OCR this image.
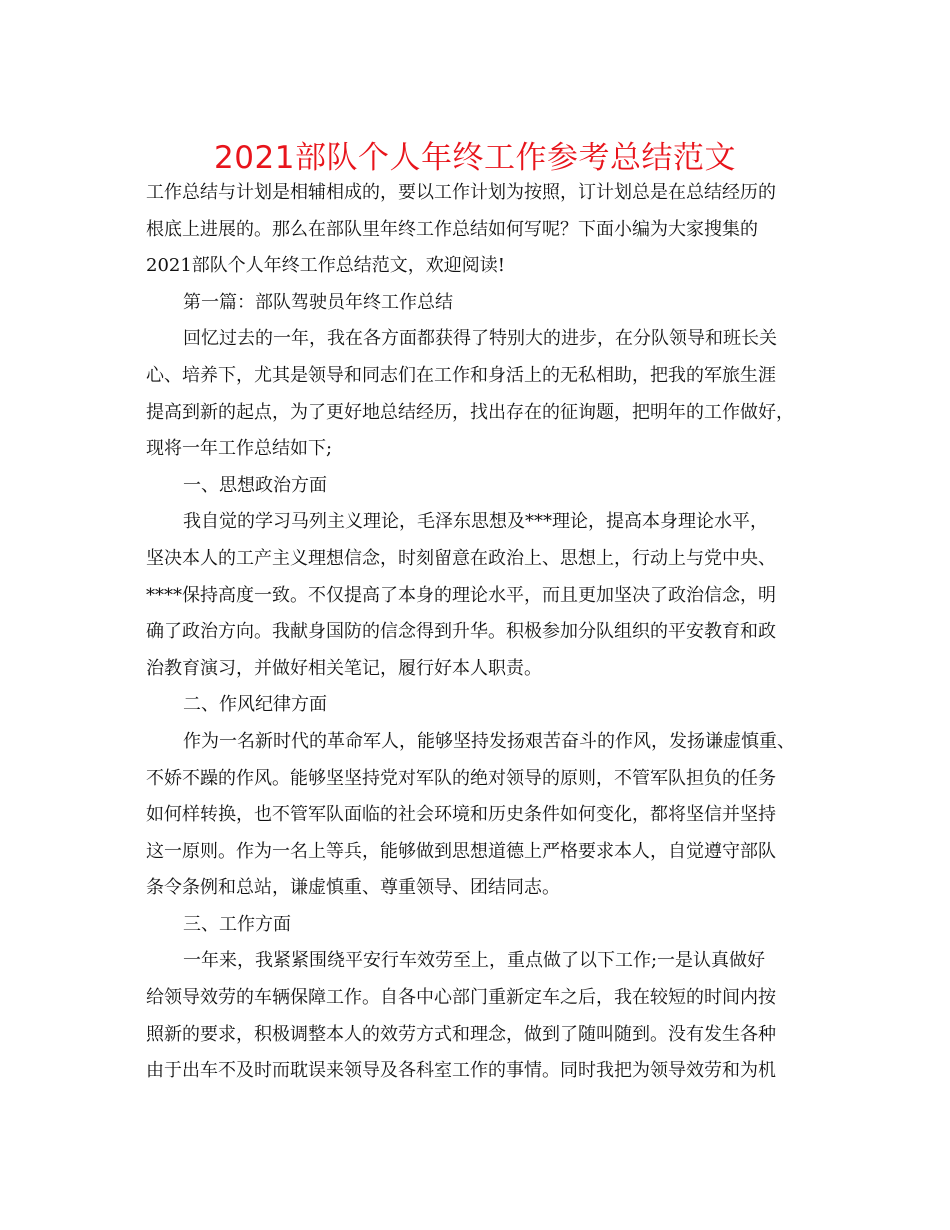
2021部队个人年终工作参考总结范文
工作总结与计划是相辅相成的，要以工作计划为按照，订计划总是在总结经历的
根底上进展的。那么在部队里年终工作总结如何写呢？下面小编为大家搜集的
2021部队个人年终工作总结范文，欢迎阅读!
第一篇：部队驾驶员年终工作总结
回忆过去的一年，我在各方面都获得了特别大的进步，在分队领导和班长关
心、培养下，尤其是领导和同志们在工作和身活上的无私相助，把我的军旅生涯
提高到新的起点，为了更好地总结经历，找出存在的征询题，把明年的工作做好，
现将一年工作总结如下;
一、思想政治方面
我自觉的学习马列主义理论，毛泽东思想及***理论，提高本身理论水平，
坚决本人的工产主义理想信念，时刻留意在政治上、思想上，行动上与党中央、
****保持高度一致。不仅提高了本身的理论水平，而且更加坚决了政治信念，明
确了政治方向。我献身国防的信念得到升华。积极参加分队组织的平安教育和政
治教育演习，并做好相关笔记，履行好本人职责。
二、作风纪律方面
作为一名新时代的革命军人，能够坚持发扬艰苦奋斗的作风，发扬谦虚慎重、
不娇不躁的作风。能够坚坚持党对军队的绝对领导的原则，不管军队担负的任务
如何样转换，也不管军队面临的社会环境和历史条件如何变化，都将坚信并坚持
这一原则。作为一名上等兵，能够做到思想道德上严格要求本人，自觉遵守部队
条令条例和总站，谦虚慎重、尊重领导、团结同志。
三、工作方面
一年来，我紧紧围绕平安行车效劳至上，重点做了以下工作;一是认真做好
给领导效劳的车辆保障工作。自各中心部门重新定车之后，我在较短的时间内按
照新的要求，积极调整本人的效劳方式和理念，做到了随叫随到。没有发生各种
由于出车不及时而耽误来领导及各科室工作的事情。同时我把为领导效劳和为机
